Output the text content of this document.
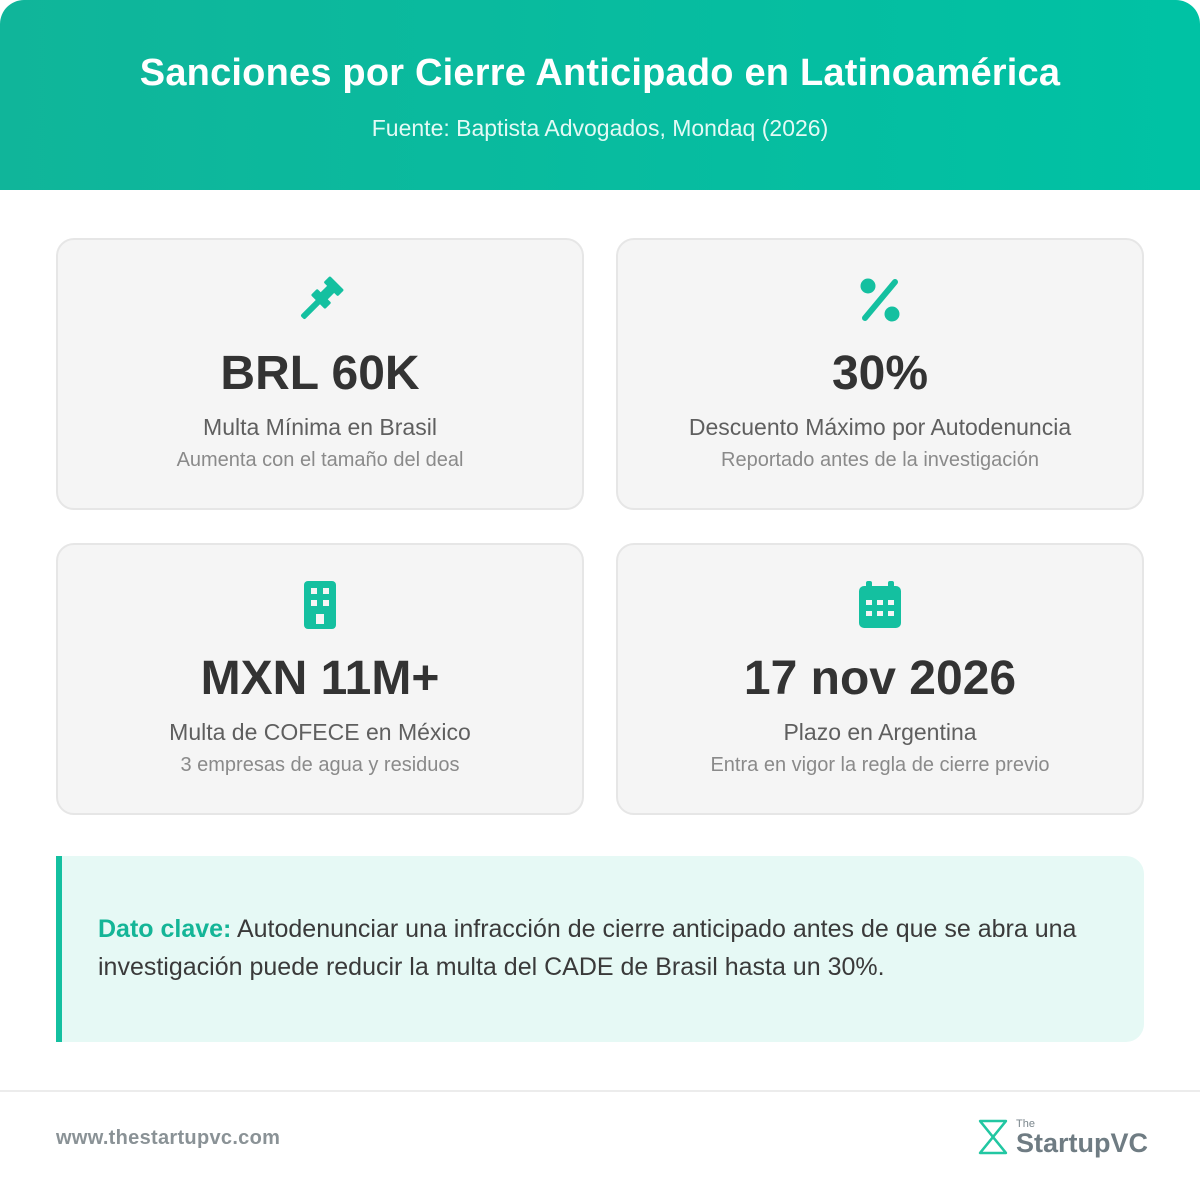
Sanciones por Cierre Anticipado en Latinoamérica
Fuente: Baptista Advogados, Mondaq (2026)
BRL 60K
Multa Mínima en Brasil
Aumenta con el tamaño del deal
30%
Descuento Máximo por Autodenuncia
Reportado antes de la investigación
MXN 11M+
Multa de COFECE en México
3 empresas de agua y residuos
17 nov 2026
Plazo en Argentina
Entra en vigor la regla de cierre previo
Dato clave: Autodenunciar una infracción de cierre anticipado antes de que se abra una investigación puede reducir la multa del CADE de Brasil hasta un 30%.
www.thestartupvc.com
The
StartupVC
